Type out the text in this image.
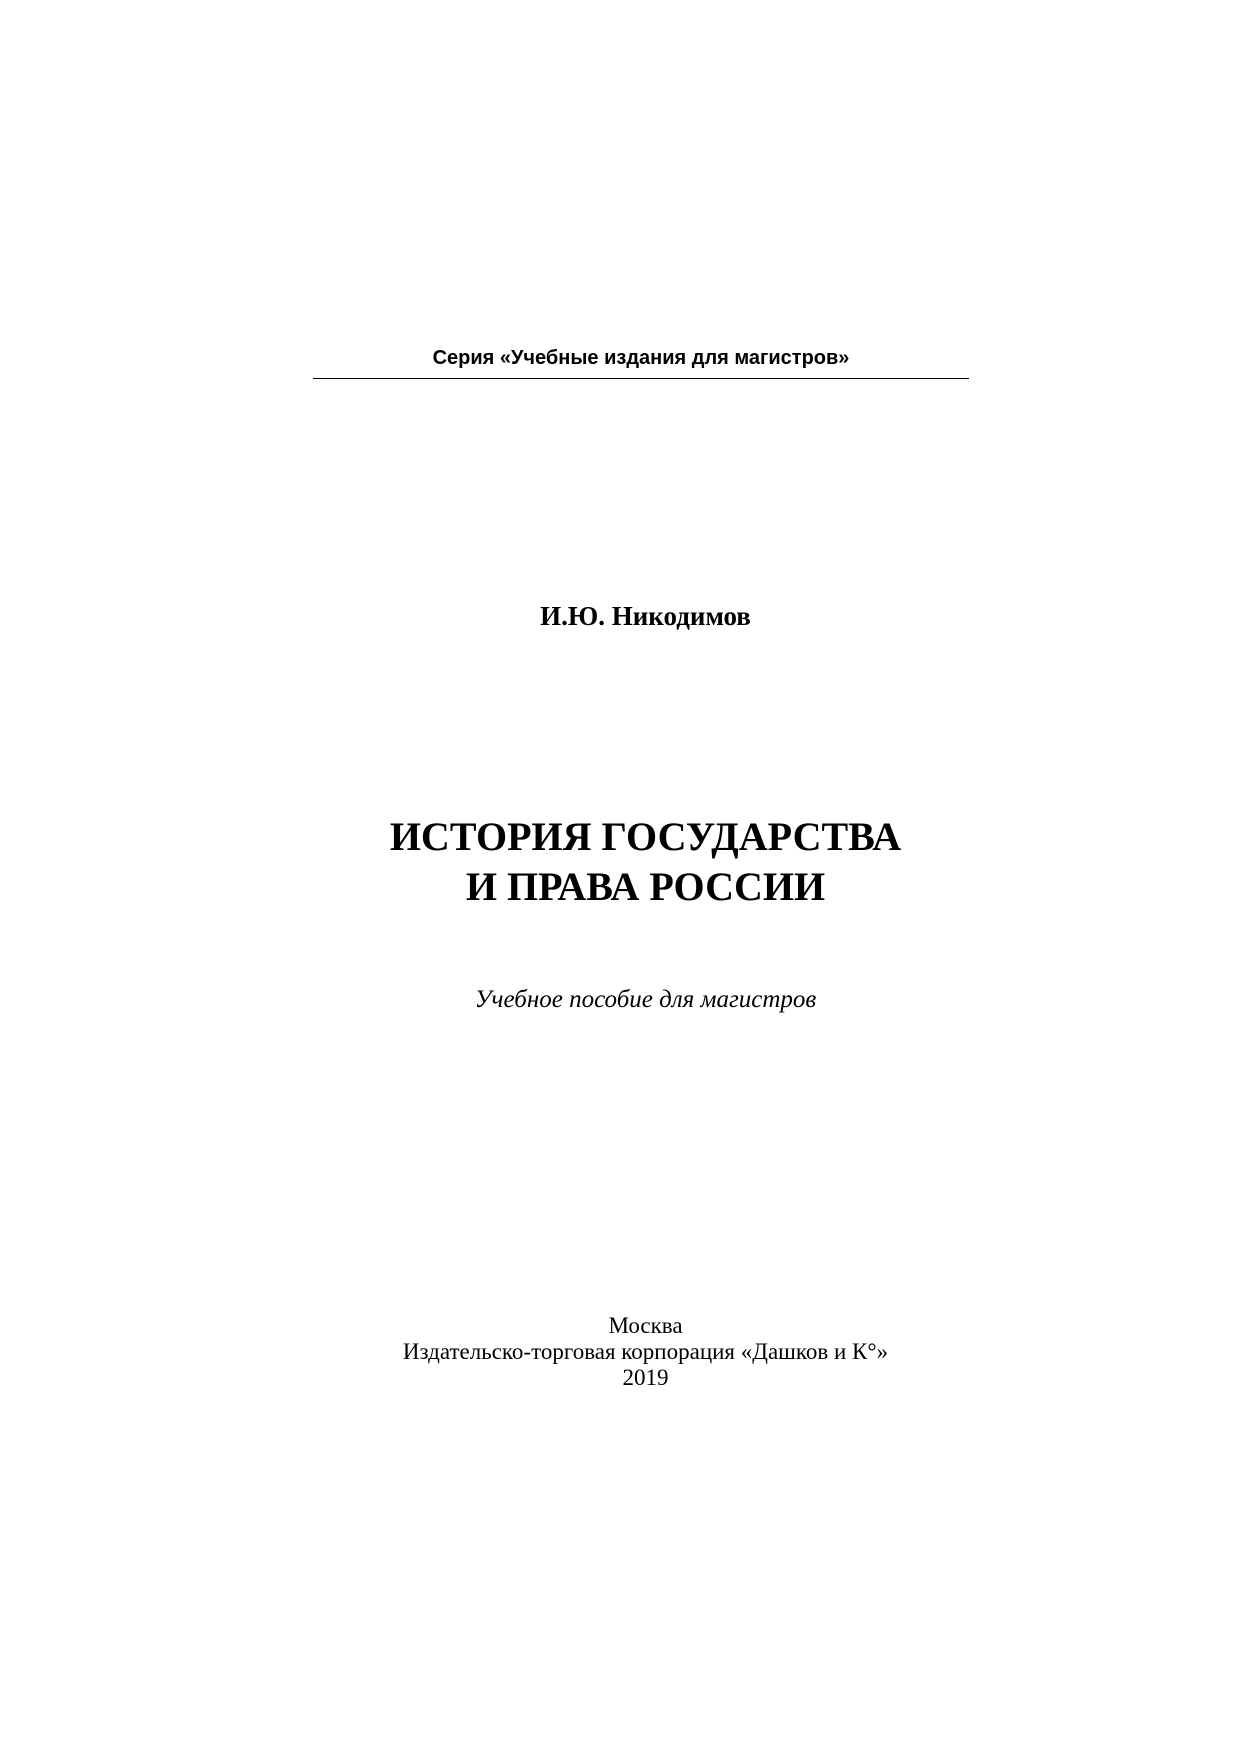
Серия «Учебные издания для магистров»
И.Ю. Никодимов
ИСТОРИЯ ГОСУДАРСТВА
И ПРАВА РОССИИ
Учебное пособие для магистров
Москва
Издательско-торговая корпорация «Дашков и К°»
2019
